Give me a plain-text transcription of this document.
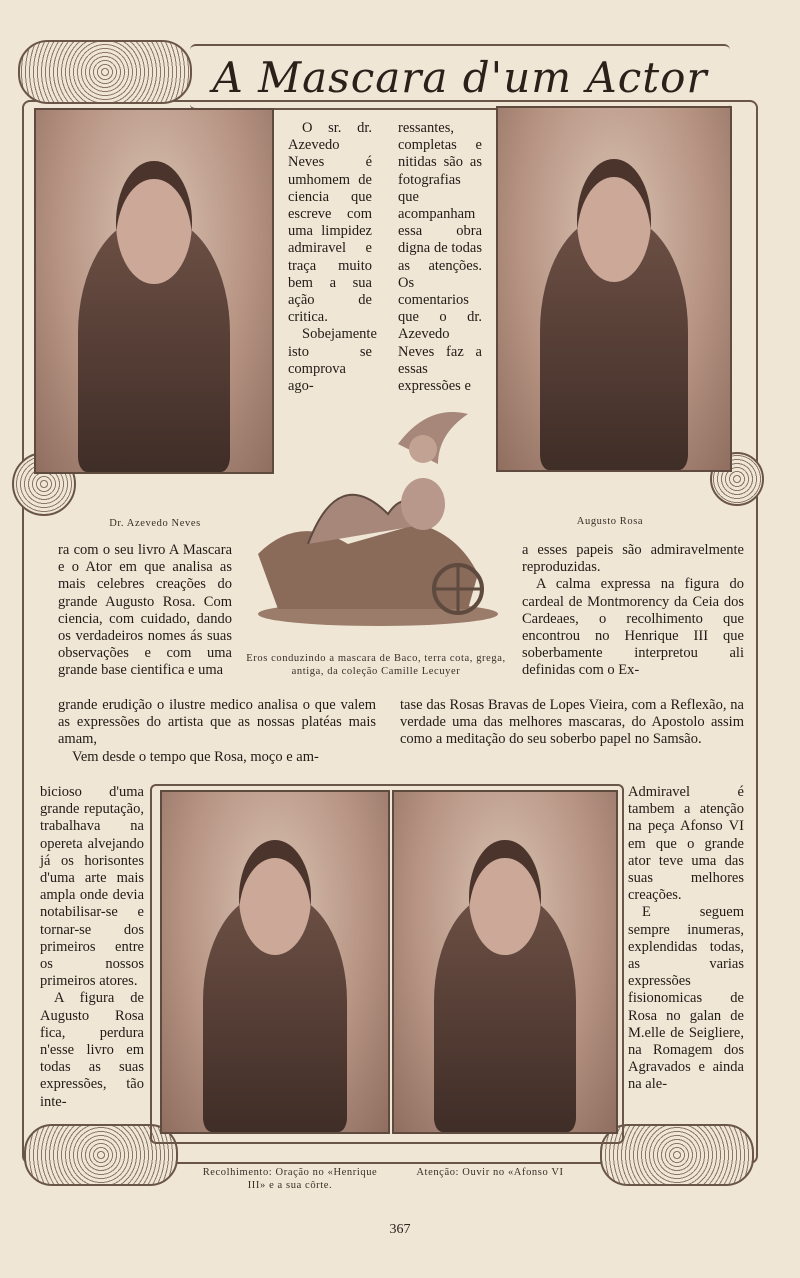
A Mascara d'um Actor
Dr. Azevedo Neves	Augusto Rosa

O sr. dr. Azevedo Neves é umhomem de ciencia que escreve com uma limpidez admiravel e traça muito bem a sua ação de critica.

Sobejamente isto se comprova ago-

ressantes, completas e nitidas são as fotografias que acompanham essa obra digna de todas as atenções. Os comentarios que o dr. Azevedo Neves faz a essas expressões e

Eros conduzindo a mascara de Baco, terra cota, grega, antiga, da coleção Camille Lecuyer

ra com o seu livro A Mascara e o Ator em que analisa as mais celebres creações do grande Augusto Rosa. Com ciencia, com cuidado, dando os verdadeiros nomes ás suas observações e com uma grande base cientifica e uma

a esses papeis são admiravelmente reproduzidas.

A calma expressa na figura do cardeal de Montmorency da Ceia dos Cardeaes, o recolhimento que encontrou no Henrique III que soberbamente interpretou ali definidas com o Ex-

grande erudição o ilustre medico analisa o que valem as expressões do artista que as nossas platéas mais amam,

Vem desde o tempo que Rosa, moço e am-

tase das Rosas Bravas de Lopes Vieira, com a Reflexão, na verdade uma das melhores mascaras, do Apostolo assim como a meditação do seu soberbo papel no Samsão.

bicioso d'uma grande reputação, trabalhava na opereta alvejando já os horisontes d'uma arte mais ampla onde devia notabilisar-se e tornar-se dos primeiros entre os nossos primeiros atores.

A figura de Augusto Rosa fica, perdura n'esse livro em todas as suas expressões, tão inte-

Admiravel é tambem a atenção na peça Afonso VI em que o grande ator teve uma das suas melhores creações.

E seguem sempre inumeras, explendidas todas, as varias expressões fisionomicas de Rosa no galan de M.elle de Seigliere, na Romagem dos Agravados e ainda na ale-

Recolhimento: Oração no «Henrique III» e a sua côrte.
Atenção: Ouvir no «Afonso VI
367
